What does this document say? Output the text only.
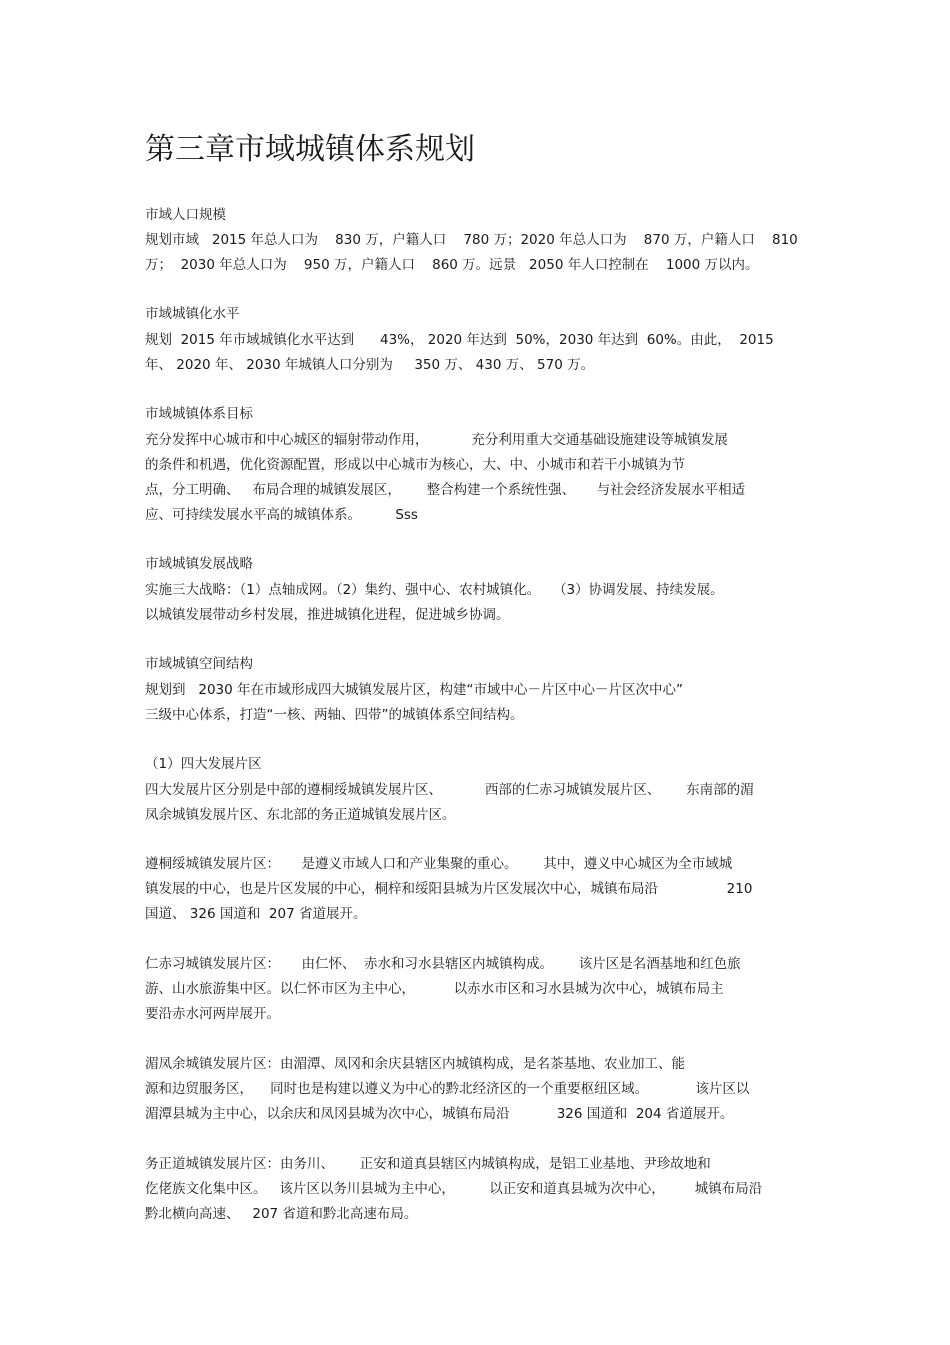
第三章市域城镇体系规划

市域人口规模

规划市域   2015 年总人口为    830 万，户籍人口    780 万；2020 年总人口为    870 万，户籍人口    810

万；  2030 年总人口为    950 万，户籍人口    860 万。远景   2050 年人口控制在    1000 万以内。

市域城镇化水平

规划  2015 年市域城镇化水平达到      43%， 2020 年达到  50%，2030 年达到  60%。由此，  2015

年、 2020 年、 2030 年城镇人口分别为     350 万、 430 万、 570 万。

市域城镇体系目标

充分发挥中心城市和中心城区的辐射带动作用，          充分利用重大交通基础设施建设等城镇发展

的条件和机遇，优化资源配置，形成以中心城市为核心，大、中、小城市和若干小城镇为节

点，分工明确、   布局合理的城镇发展区，      整合构建一个系统性强、     与社会经济发展水平相适

应、可持续发展水平高的城镇体系。        Sss

市域城镇发展战略

实施三大战略：（1）点轴成网。（2）集约、强中心、农村城镇化。   （3）协调发展、持续发展。

以城镇发展带动乡村发展，推进城镇化进程，促进城乡协调。

市域城镇空间结构

规划到   2030 年在市域形成四大城镇发展片区，构建“市域中心－片区中心－片区次中心”

三级中心体系，打造“一核、两轴、四带”的城镇体系空间结构。

（1）四大发展片区

四大发展片区分别是中部的遵桐绥城镇发展片区、          西部的仁赤习城镇发展片区、      东南部的湄

凤余城镇发展片区、东北部的务正道城镇发展片区。

遵桐绥城镇发展片区：     是遵义市域人口和产业集聚的重心。      其中，遵义中心城区为全市域城

镇发展的中心，也是片区发展的中心，桐梓和绥阳县城为片区发展次中心，城镇布局沿                210

国道、 326 国道和  207 省道展开。

仁赤习城镇发展片区：     由仁怀、  赤水和习水县辖区内城镇构成。      该片区是名酒基地和红色旅

游、山水旅游集中区。以仁怀市区为主中心，         以赤水市区和习水县城为次中心，城镇布局主

要沿赤水河两岸展开。

湄凤余城镇发展片区：由湄潭、凤冈和余庆县辖区内城镇构成，是名茶基地、农业加工、能

源和边贸服务区，    同时也是构建以遵义为中心的黔北经济区的一个重要枢纽区域。           该片区以

湄潭县城为主中心，以余庆和凤冈县城为次中心，城镇布局沿           326 国道和  204 省道展开。

务正道城镇发展片区：由务川、      正安和道真县辖区内城镇构成，是铝工业基地、尹珍故地和

仡佬族文化集中区。   该片区以务川县城为主中心，        以正安和道真县城为次中心，       城镇布局沿

黔北横向高速、   207 省道和黔北高速布局。
